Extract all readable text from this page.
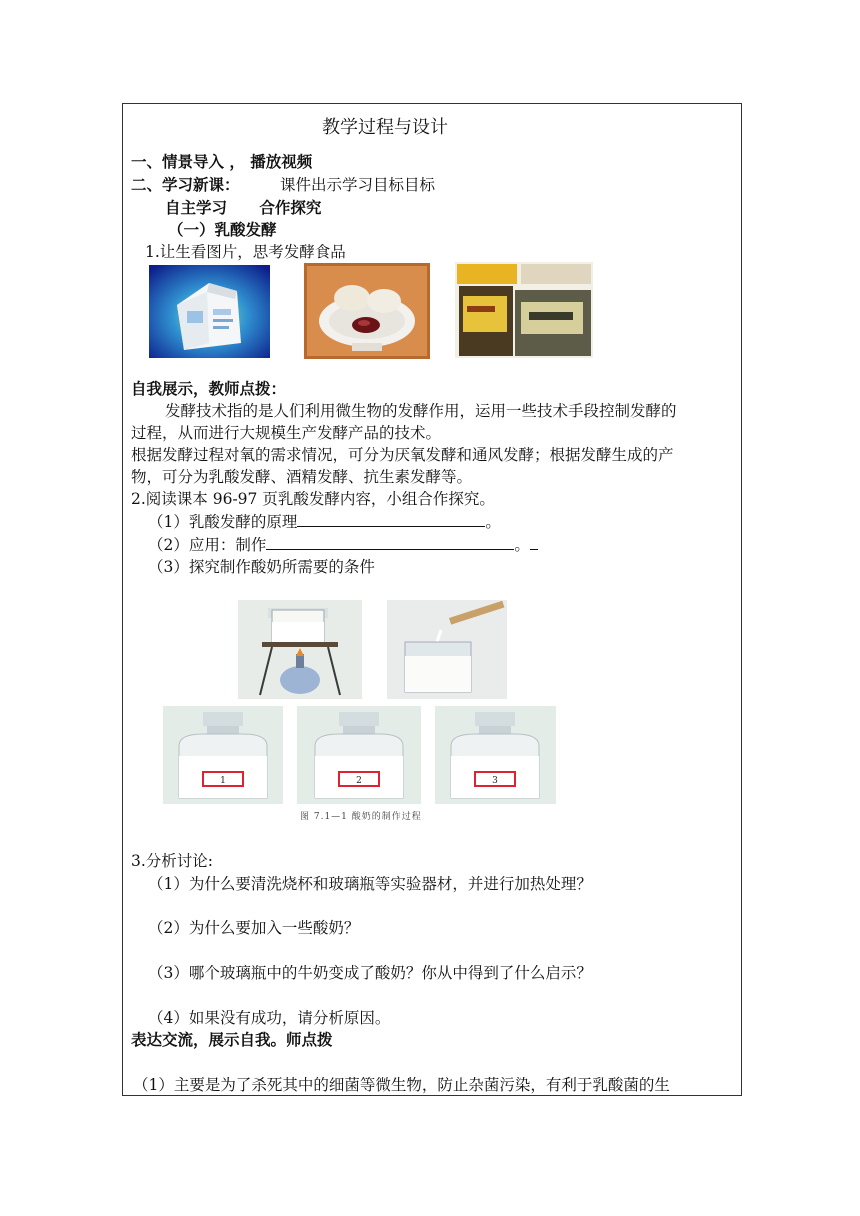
教学过程与设计
一、情景导入 ， 播放视频
二、学习新课：	课件出示学习目标目标
自主学习      合作探究
（一）乳酸发酵
1.让生看图片，思考发酵食品
自我展示，教师点拨：
发酵技术指的是人们利用微生物的发酵作用，运用一些技术手段控制发酵的
过程，从而进行大规模生产发酵产品的技术。
根据发酵过程对氧的需求情况，可分为厌氧发酵和通风发酵；根据发酵生成的产
物，可分为乳酸发酵、酒精发酵、抗生素发酵等。
2.阅读课本 96-97 页乳酸发酵内容，小组合作探究。
（1）乳酸发酵的原理	。
（2）应用：制作	。
（3）探究制作酸奶所需要的条件
1	2	3
图 7.1—1 酸奶的制作过程
3.分析讨论:
（1）为什么要清洗烧杯和玻璃瓶等实验器材，并进行加热处理？
（2）为什么要加入一些酸奶？
（3）哪个玻璃瓶中的牛奶变成了酸奶？你从中得到了什么启示？
（4）如果没有成功，请分析原因。
表达交流，展示自我。师点拨
（1）主要是为了杀死其中的细菌等微生物，防止杂菌污染，有利于乳酸菌的生
